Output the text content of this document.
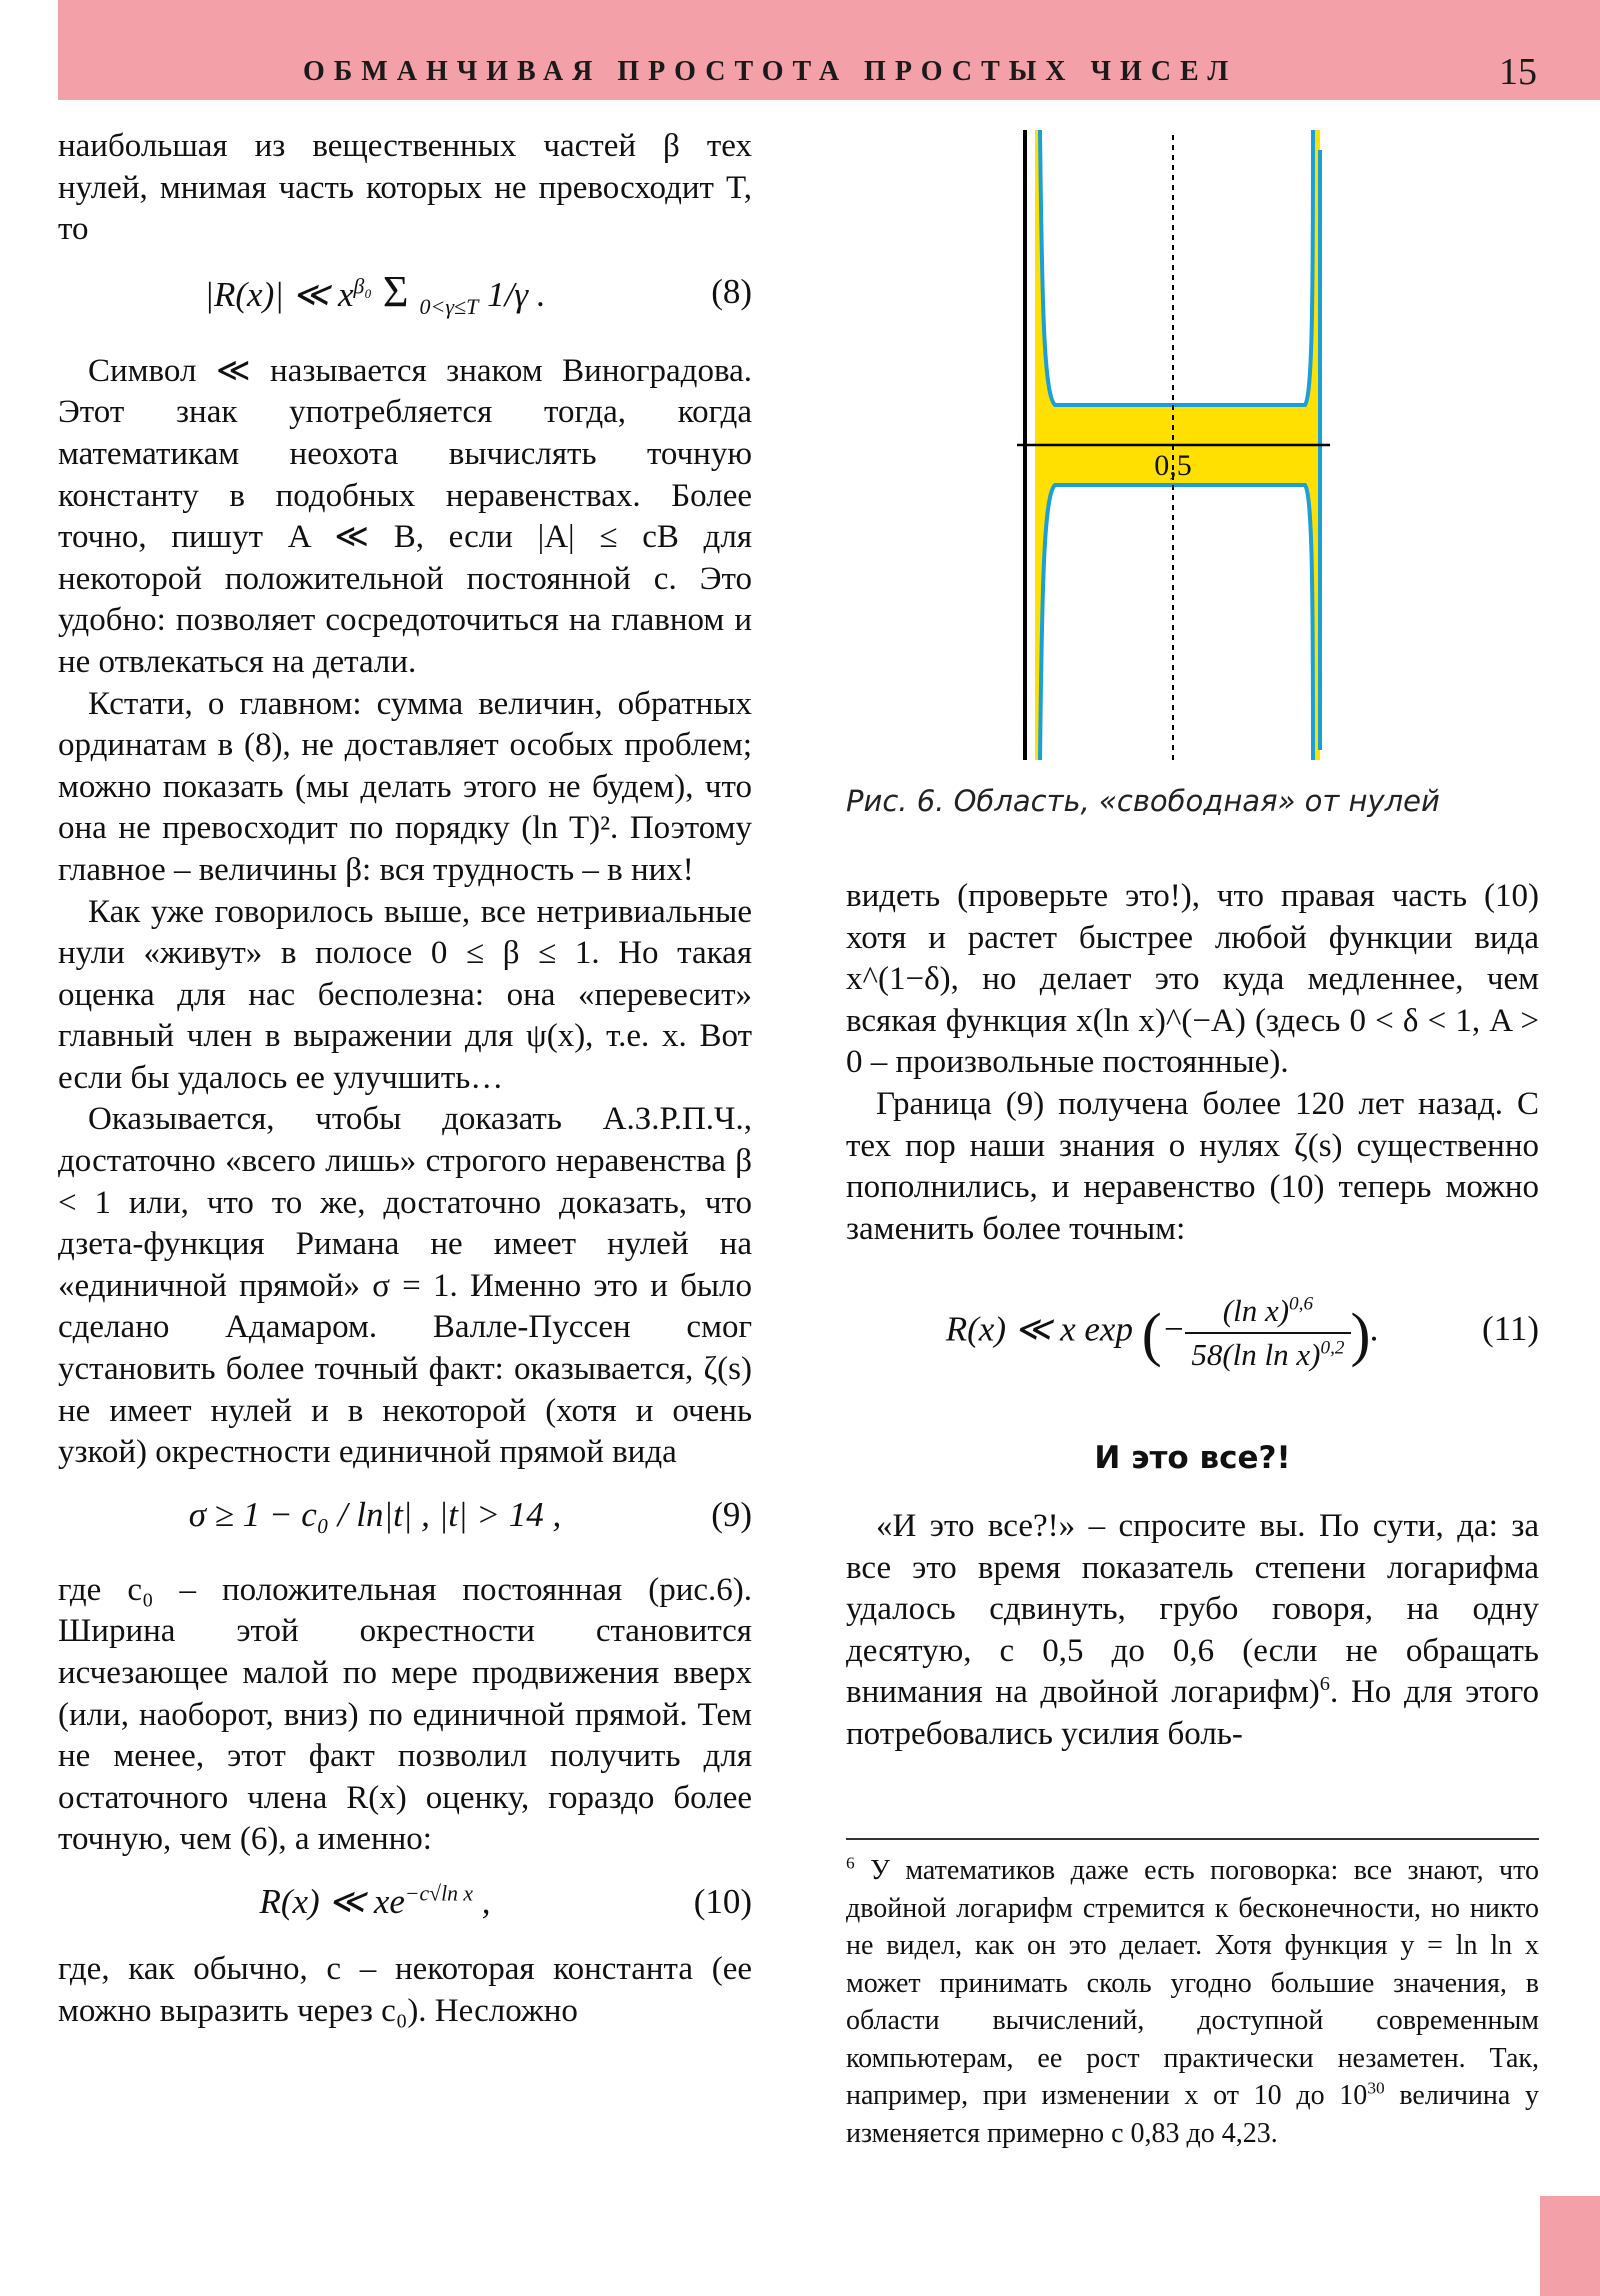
ОБМАНЧИВАЯ ПРОСТОТА ПРОСТЫХ ЧИСЕЛ	15

наибольшая из вещественных частей β тех нулей, мнимая часть которых не превосходит T, то

|R(x)| ≪ $x^{\beta_0}$ Σ $_{0<\gamma\le T}$ 1/γ .	(8)

Символ ≪ называется знаком Виноградова. Этот знак употребляется тогда, когда математикам неохота вычислять точную константу в подобных неравенствах. Более точно, пишут A ≪ B, если |A| ≤ cB для некоторой положительной постоянной c. Это удобно: позволяет сосредоточиться на главном и не отвлекаться на детали.

Кстати, о главном: сумма величин, обратных ординатам в (8), не доставляет особых проблем; можно показать (мы делать этого не будем), что она не превосходит по порядку (ln T)². Поэтому главное – величины β: вся трудность – в них!

Как уже говорилось выше, все нетривиальные нули «живут» в полосе 0 ≤ β ≤ 1. Но такая оценка для нас бесполезна: она «перевесит» главный член в выражении для ψ(x), т.е. x. Вот если бы удалось ее улучшить…

Оказывается, чтобы доказать А.З.Р.П.Ч., достаточно «всего лишь» строгого неравенства β < 1 или, что то же, достаточно доказать, что дзета-функция Римана не имеет нулей на «единичной прямой» σ = 1. Именно это и было сделано Адамаром. Валле-Пуссен смог установить более точный факт: оказывается, ζ(s) не имеет нулей и в некоторой (хотя и очень узкой) окрестности единичной прямой вида

σ ≥ 1 − c₀ / ln|t| , |t| > 14 ,	(9)

где c₀ – положительная постоянная (рис.6). Ширина этой окрестности становится исчезающее малой по мере продвижения вверх (или, наоборот, вниз) по единичной прямой. Тем не менее, этот факт позволил получить для остаточного члена R(x) оценку, гораздо более точную, чем (6), а именно:

R(x) ≪ $xe^{-c√ln x}$ ,	(10)

где, как обычно, c – некоторая константа (ее можно выразить через c₀). Несложно

0,5
Рис. 6. Область, «свободная» от нулей

видеть (проверьте это!), что правая часть (10) хотя и растет быстрее любой функции вида x^(1−δ), но делает это куда медленнее, чем всякая функция x(ln x)^(−A) (здесь 0 < δ < 1, A > 0 – произвольные постоянные).

Граница (9) получена более 120 лет назад. С тех пор наши знания о нулях ζ(s) существенно пополнились, и неравенство (10) теперь можно заменить более точным:

R(x) ≪ x exp (− $\frac{(\ln x)^{0,6}}{58(\ln \ln x)^{0,2}}$ ).	(11)
И это все?!

«И это все?!» – спросите вы. По сути, да: за все это время показатель степени логарифма удалось сдвинуть, грубо говоря, на одну десятую, с 0,5 до 0,6 (если не обращать внимания на двойной логарифм)$^6$. Но для этого потребовались усилия боль-

$^6$ У математиков даже есть поговорка: все знают, что двойной логарифм стремится к бесконечности, но никто не видел, как он это делает. Хотя функция y = ln ln x может принимать сколь угодно большие значения, в области вычислений, доступной современным компьютерам, ее рост практически незаметен. Так, например, при изменении x от 10 до $10^{30}$ величина y изменяется примерно с 0,83 до 4,23.
